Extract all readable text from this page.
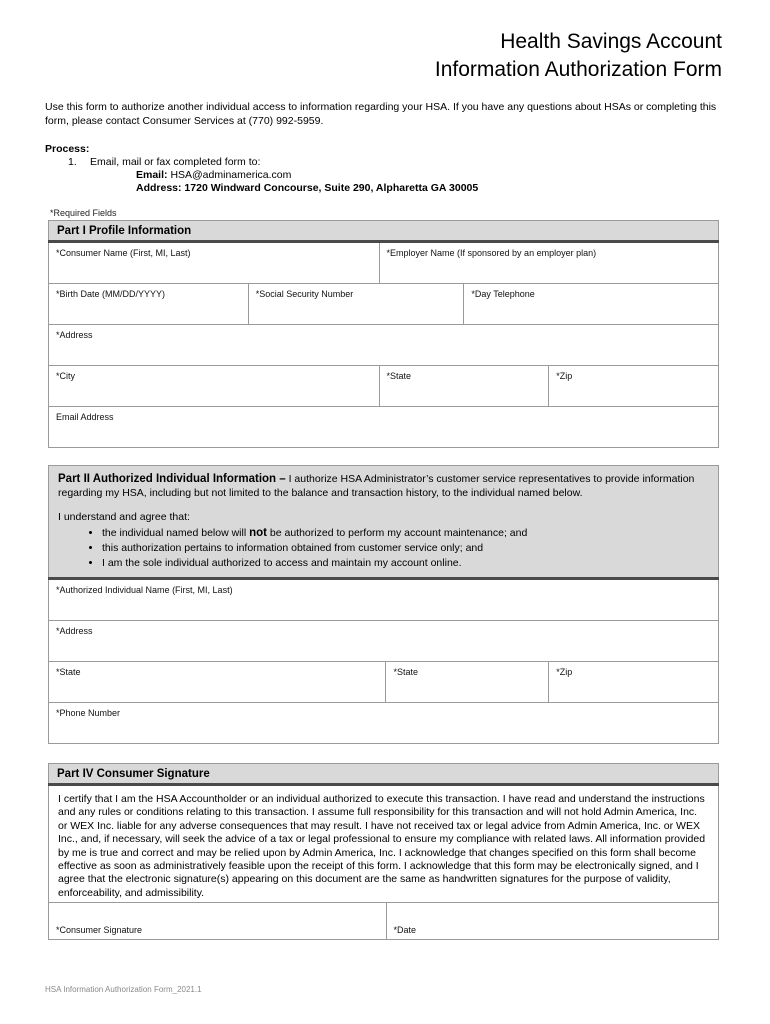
Health Savings Account
Information Authorization Form
Use this form to authorize another individual access to information regarding your HSA. If you have any questions about HSAs or completing this form, please contact Consumer Services at (770) 992-5959.
Process:
1. Email, mail or fax completed form to:
Email: HSA@adminamerica.com
Address: 1720 Windward Concourse, Suite 290, Alpharetta GA 30005
*Required Fields
Part I Profile Information
*Consumer Name (First, MI, Last)	*Employer Name (If sponsored by an employer plan)
*Birth Date (MM/DD/YYYY)	*Social Security Number	*Day Telephone
*Address
*City	*State	*Zip
Email Address
Part II Authorized Individual Information – I authorize HSA Administrator’s customer service representatives to provide information regarding my HSA, including but not limited to the balance and transaction history, to the individual named below.
I understand and agree that:
• the individual named below will not be authorized to perform my account maintenance; and
• this authorization pertains to information obtained from customer service only; and
• I am the sole individual authorized to access and maintain my account online.
*Authorized Individual Name (First, MI, Last)
*Address
*State	*State	*Zip
*Phone Number
Part IV Consumer Signature
I certify that I am the HSA Accountholder or an individual authorized to execute this transaction. I have read and understand the instructions and any rules or conditions relating to this transaction. I assume full responsibility for this transaction and will not hold Admin America, Inc. or WEX Inc. liable for any adverse consequences that may result. I have not received tax or legal advice from Admin America, Inc. or WEX Inc., and, if necessary, will seek the advice of a tax or legal professional to ensure my compliance with related laws. All information provided by me is true and correct and may be relied upon by Admin America, Inc. I acknowledge that changes specified on this form shall become effective as soon as administratively feasible upon the receipt of this form. I acknowledge that this form may be electronically signed, and I agree that the electronic signature(s) appearing on this document are the same as handwritten signatures for the purpose of validity, enforceability, and admissibility.
*Consumer Signature	*Date
HSA Information Authorization Form_2021.1
